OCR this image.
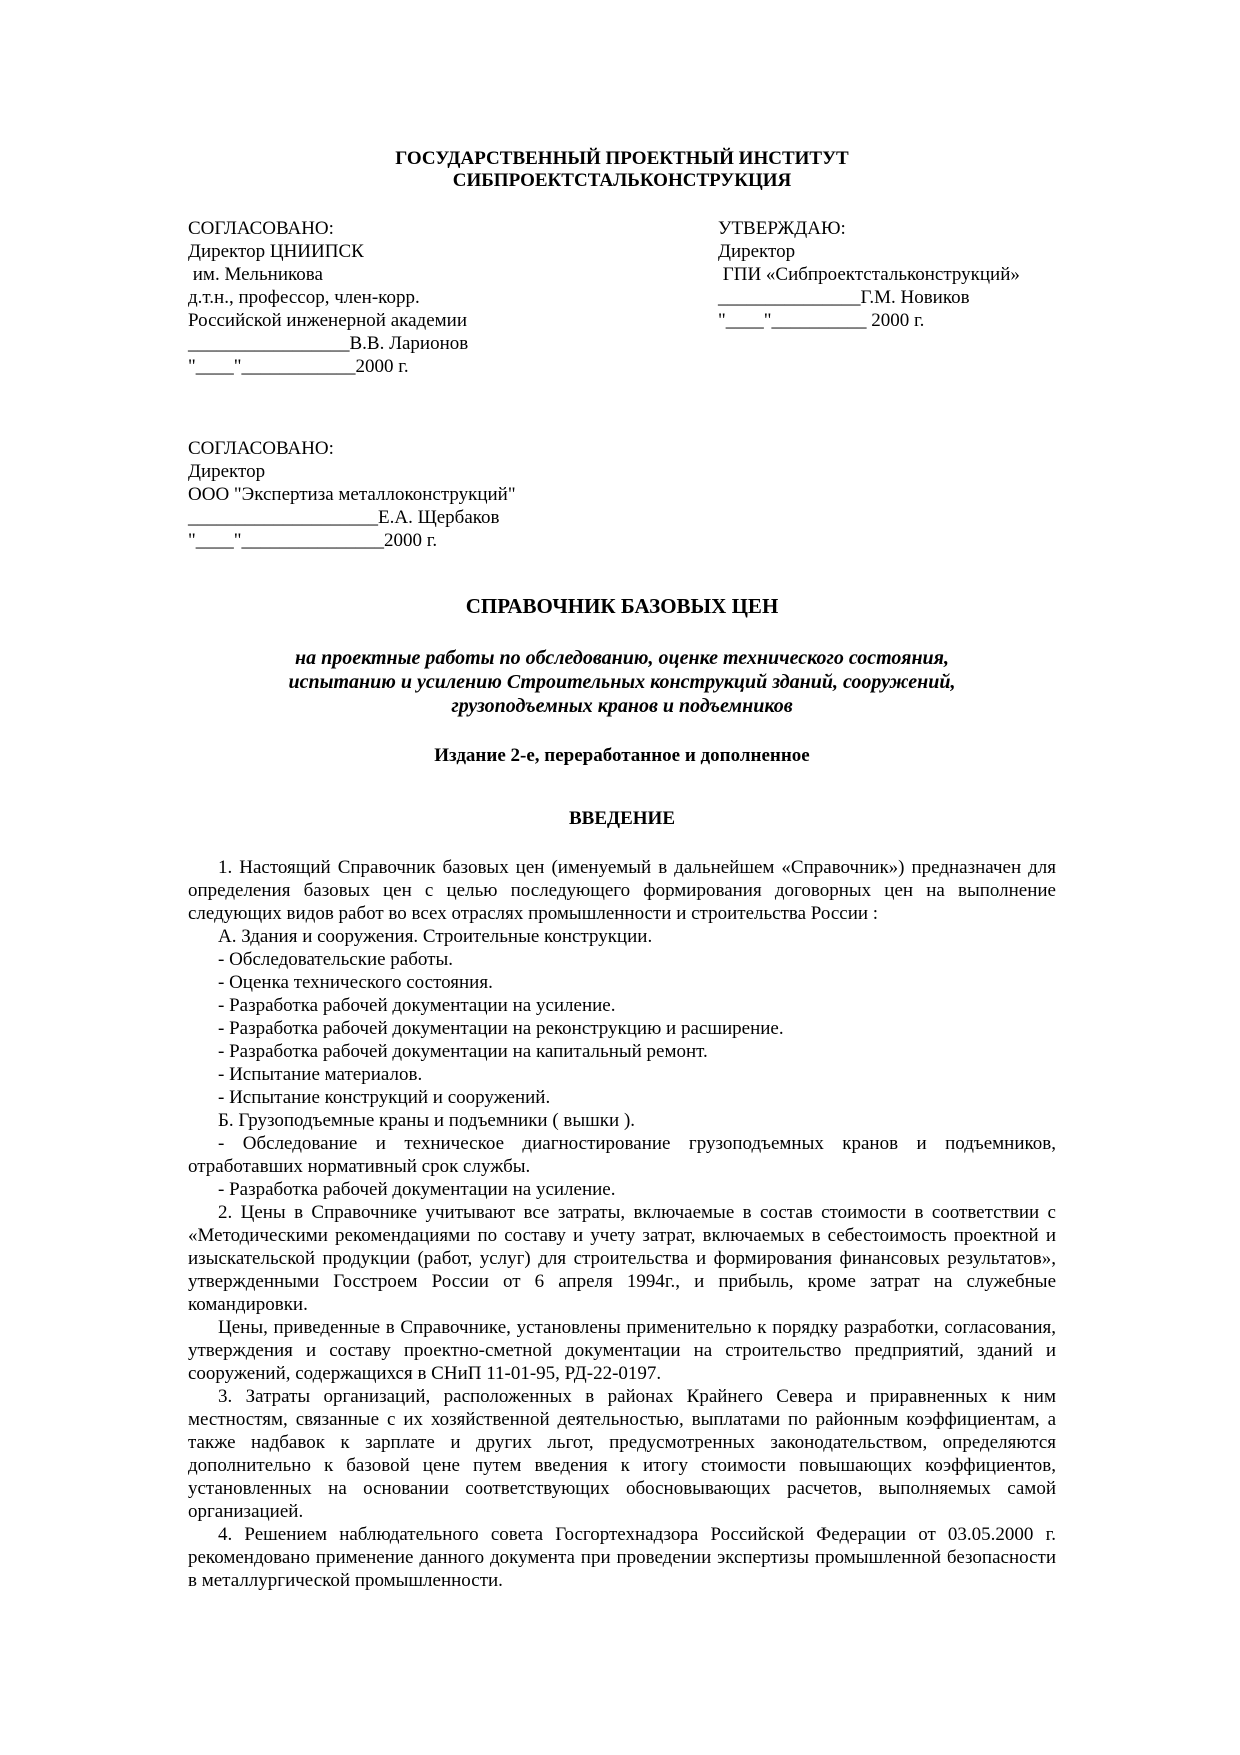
ГОСУДАРСТВЕННЫЙ ПРОЕКТНЫЙ ИНСТИТУТ
СИБПРОЕКТСТАЛЬКОНСТРУКЦИЯ
СОГЛАСОВАНО:
Директор ЦНИИПСК
им. Мельникова
д.т.н., профессор, член-корр.
Российской инженерной академии
_________________В.В. Ларионов
"____"____________2000 г.
УТВЕРЖДАЮ:
Директор
ГПИ «Сибпроектстальконструкций»
_______________Г.М. Новиков
"____"__________ 2000 г.
СОГЛАСОВАНО:
Директор
ООО "Экспертиза металлоконструкций"
____________________Е.А. Щербаков
"____"_______________2000 г.
СПРАВОЧНИК БАЗОВЫХ ЦЕН
на проектные работы по обследованию, оценке технического состояния,
испытанию и усилению Строительных конструкций зданий, сооружений,
грузоподъемных кранов и подъемников
Издание 2-е, переработанное и дополненное
ВВЕДЕНИЕ

1. Настоящий Справочник базовых цен (именуемый в дальнейшем «Справочник») предназначен для определения базовых цен с целью последующего формирования договорных цен на выполнение следующих видов работ во всех отраслях промышленности и строительства России :

А. Здания и сооружения. Строительные конструкции.

- Обследовательские работы.

- Оценка технического состояния.

- Разработка рабочей документации на усиление.

- Разработка рабочей документации на реконструкцию и расширение.

- Разработка рабочей документации на капитальный ремонт.

- Испытание материалов.

- Испытание конструкций и сооружений.

Б. Грузоподъемные краны и подъемники ( вышки ).

- Обследование и техническое диагностирование грузоподъемных кранов и подъемников, отработавших нормативный срок службы.

- Разработка рабочей документации на усиление.

2. Цены в Справочнике учитывают все затраты, включаемые в состав стоимости в соответствии с «Методическими рекомендациями по составу и учету затрат, включаемых в себестоимость проектной и изыскательской продукции (работ, услуг) для строительства и формирования финансовых результатов», утвержденными Госстроем России от 6 апреля 1994г., и прибыль, кроме затрат на служебные командировки.

Цены, приведенные в Справочнике, установлены применительно к порядку разработки, согласования, утверждения и составу проектно-сметной документации на строительство предприятий, зданий и сооружений, содержащихся в СНиП 11-01-95, РД-22-0197.

3. Затраты организаций, расположенных в районах Крайнего Севера и приравненных к ним местностям, связанные с их хозяйственной деятельностью, выплатами по районным коэффициентам, а также надбавок к зарплате и других льгот, предусмотренных законодательством, определяются дополнительно к базовой цене путем введения к итогу стоимости повышающих коэффициентов, установленных на основании соответствующих обосновывающих расчетов, выполняемых самой организацией.

4. Решением наблюдательного совета Госгортехнадзора Российской Федерации от 03.05.2000 г. рекомендовано применение данного документа при проведении экспертизы промышленной безопасности в металлургической промышленности.
